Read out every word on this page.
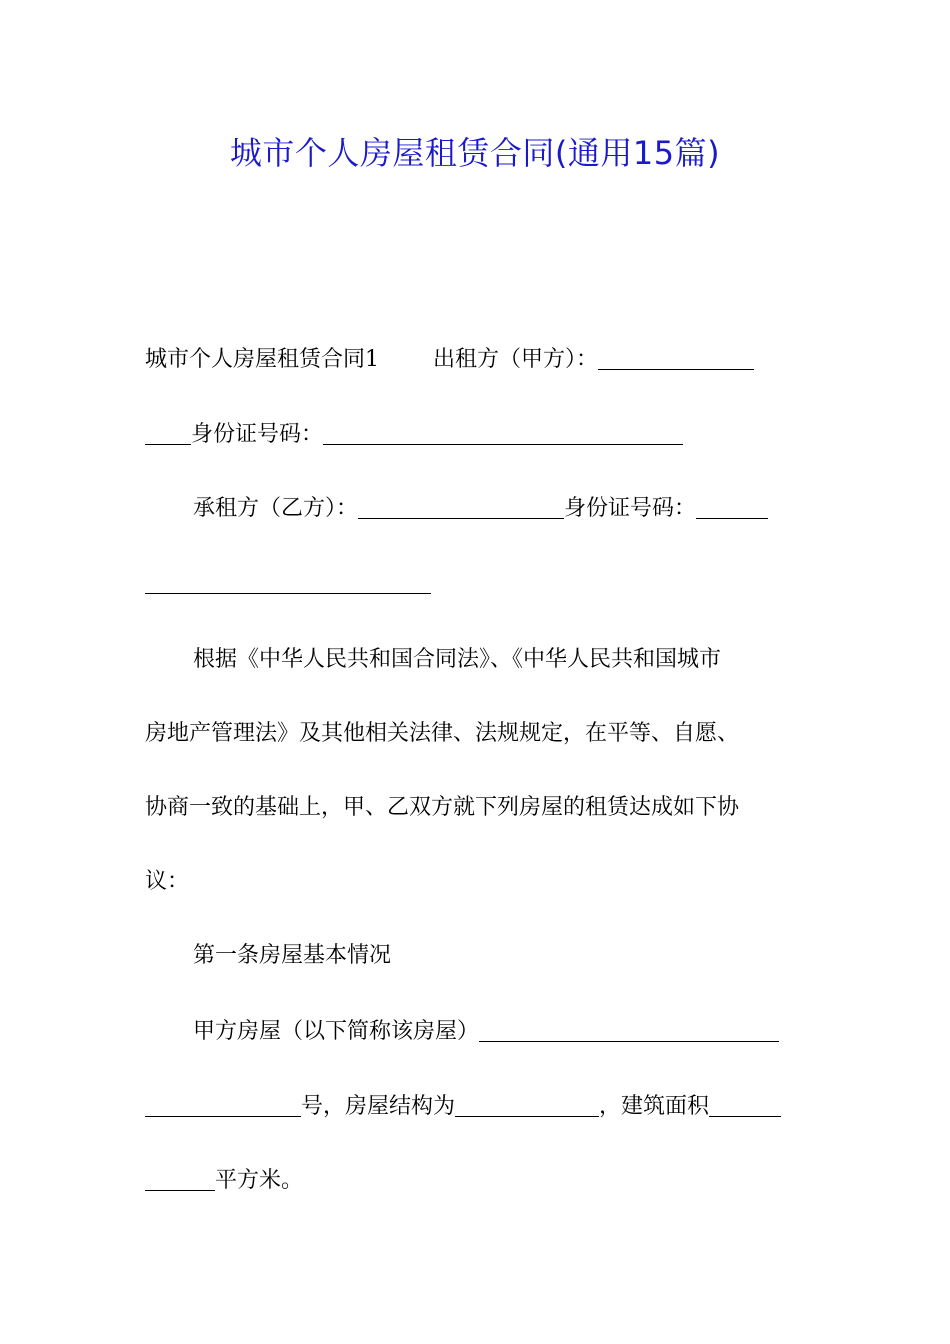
城市个人房屋租赁合同(通用15篇)
城市个人房屋租赁合同1 出租方（甲方）：
身份证号码：
承租方（乙方）：	身份证号码：
根据《中华人民共和国合同法》、《中华人民共和国城市
房地产管理法》及其他相关法律、法规规定，在平等、自愿、
协商一致的基础上，甲、乙双方就下列房屋的租赁达成如下协
议：
第一条房屋基本情况
甲方房屋（以下简称该房屋）
号，房屋结构为	，建筑面积
平方米。
